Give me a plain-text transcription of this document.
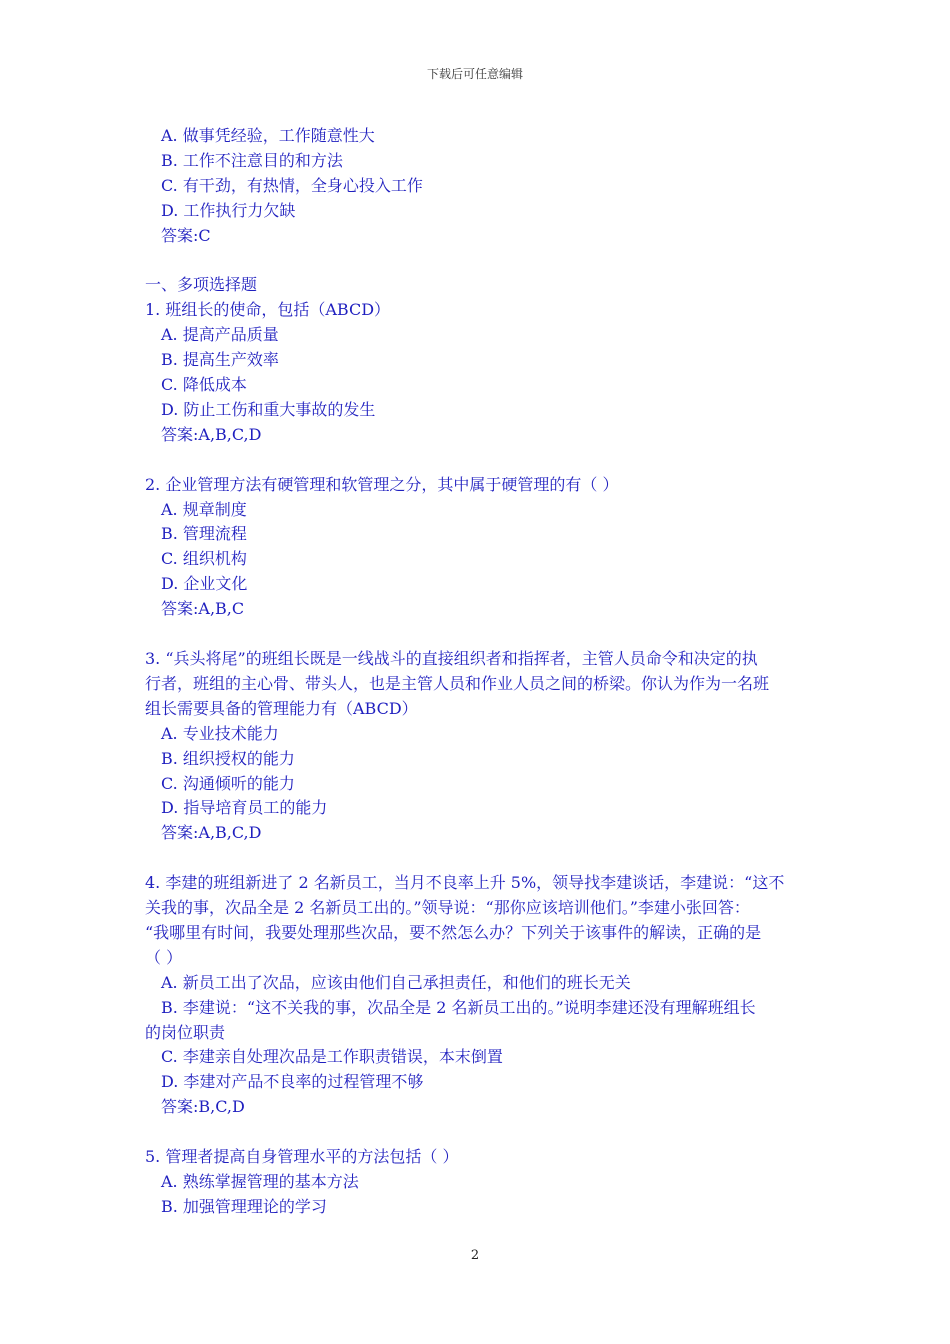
下载后可任意编辑
A. 做事凭经验，工作随意性大
B. 工作不注意目的和方法
C. 有干劲，有热情，全身心投入工作
D. 工作执行力欠缺
答案:C
一、多项选择题
1. 班组长的使命，包括（ABCD）
A. 提高产品质量
B. 提高生产效率
C. 降低成本
D. 防止工伤和重大事故的发生
答案:A,B,C,D
2. 企业管理方法有硬管理和软管理之分，其中属于硬管理的有（ ）
A. 规章制度
B. 管理流程
C. 组织机构
D. 企业文化
答案:A,B,C
3. “兵头将尾”的班组长既是一线战斗的直接组织者和指挥者，主管人员命令和决定的执
行者，班组的主心骨、带头人，也是主管人员和作业人员之间的桥梁。你认为作为一名班
组长需要具备的管理能力有（ABCD）
A. 专业技术能力
B. 组织授权的能力
C. 沟通倾听的能力
D. 指导培育员工的能力
答案:A,B,C,D
4. 李建的班组新进了 2 名新员工，当月不良率上升 5%，领导找李建谈话，李建说：“这不
关我的事，次品全是 2 名新员工出的。”领导说：“那你应该培训他们。”李建小张回答：
“我哪里有时间，我要处理那些次品，要不然怎么办？下列关于该事件的解读，正确的是
（ ）
A. 新员工出了次品，应该由他们自己承担责任，和他们的班长无关
B. 李建说：“这不关我的事，次品全是 2 名新员工出的。”说明李建还没有理解班组长
的岗位职责
C. 李建亲自处理次品是工作职责错误，本末倒置
D. 李建对产品不良率的过程管理不够
答案:B,C,D
5. 管理者提高自身管理水平的方法包括（ ）
A. 熟练掌握管理的基本方法
B. 加强管理理论的学习
2
